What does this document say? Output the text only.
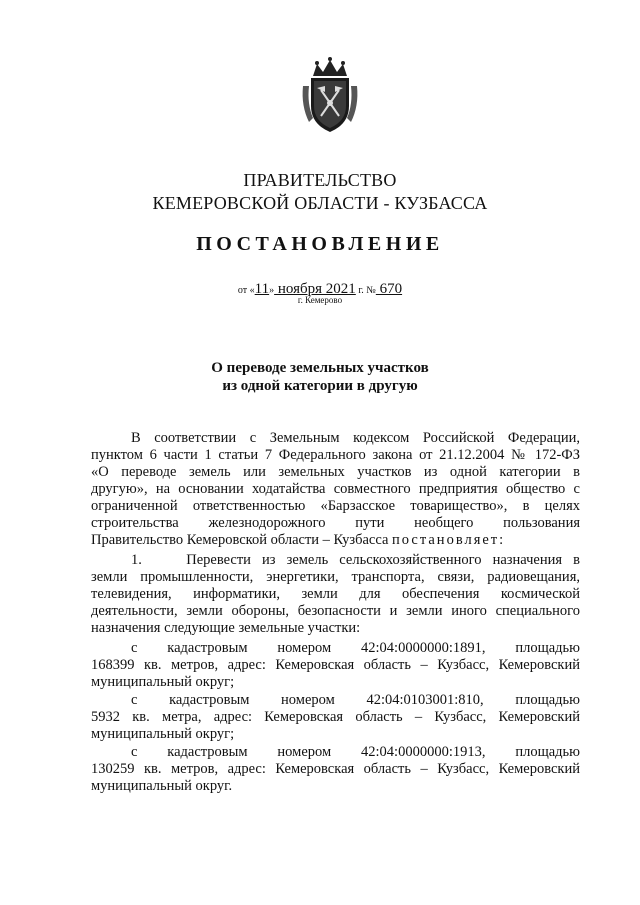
ПРАВИТЕЛЬСТВО
КЕМЕРОВСКОЙ ОБЛАСТИ - КУЗБАССА
ПОСТАНОВЛЕНИЕ
от «11» ноября 2021 г. № 670
г. Кемерово
О переводе земельных участков
из одной категории в другую
В соответствии с Земельным кодексом Российской Федерации,
пунктом 6 части 1 статьи 7 Федерального закона от 21.12.2004 № 172-ФЗ
«О переводе земель или земельных участков из одной категории в
другую», на основании ходатайства совместного предприятия общество с
ограниченной ответственностью «Барзасское товарищество», в целях
строительства железнодорожного пути необщего пользования
Правительство Кемеровской области – Кузбасса постановляет:
1.    Перевести из земель сельскохозяйственного назначения в
земли промышленности, энергетики, транспорта, связи, радиовещания,
телевидения, информатики, земли для обеспечения космической
деятельности, земли обороны, безопасности и земли иного специального
назначения следующие земельные участки:
с кадастровым номером 42:04:0000000:1891, площадью
168399 кв. метров, адрес: Кемеровская область – Кузбасс, Кемеровский
муниципальный округ;
с кадастровым номером 42:04:0103001:810, площадью
5932 кв. метра, адрес: Кемеровская область – Кузбасс, Кемеровский
муниципальный округ;
с кадастровым номером 42:04:0000000:1913, площадью
130259 кв. метров, адрес: Кемеровская область – Кузбасс, Кемеровский
муниципальный округ.
